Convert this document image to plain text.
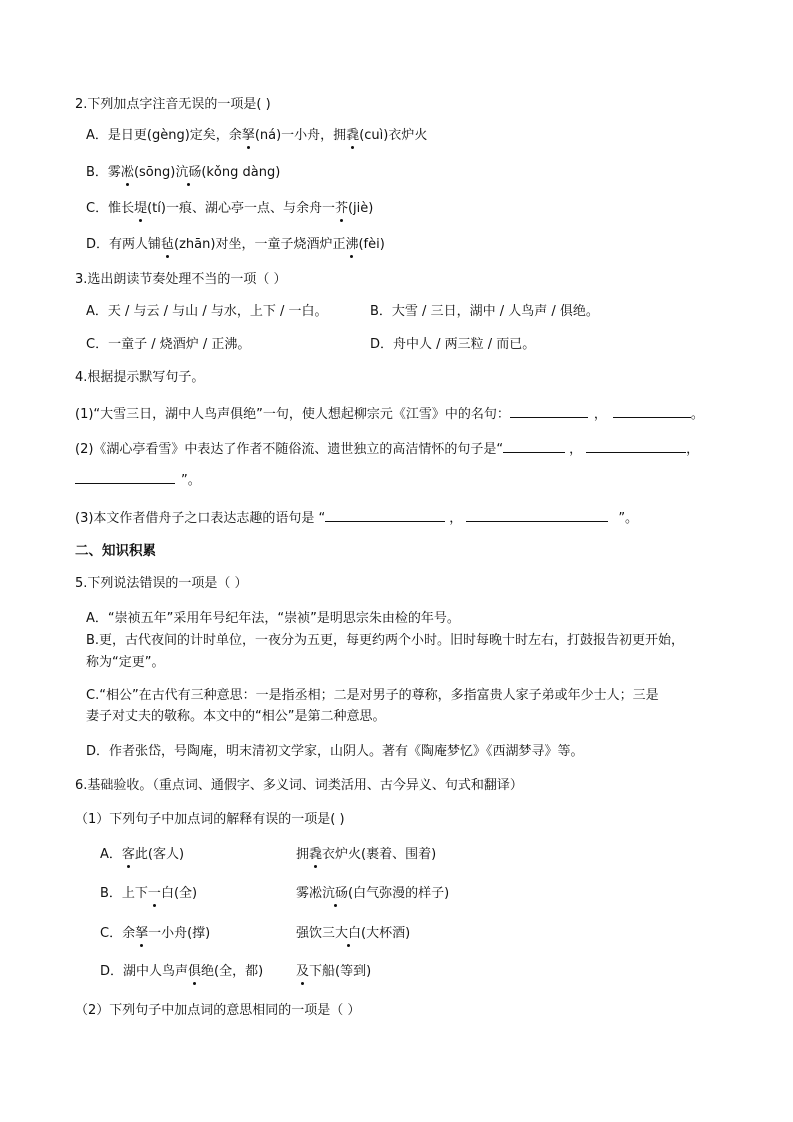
2.下列加点字注音无误的一项是( )
A．是日更(gèng)定矣，余拏(ná)一小舟，拥毳(cuì)衣炉火
B．雾凇(sōng)沆砀(kǒng dàng)
C．惟长堤(tí)一痕、湖心亭一点、与余舟一芥(jiè)
D．有两人铺毡(zhān)对坐，一童子烧酒炉正沸(fèi)
3.选出朗读节奏处理不当的一项（ ）
A．天 / 与云 / 与山 / 与水，上下 / 一白。	B．大雪 / 三日，湖中 / 人鸟声 / 俱绝。
C．一童子 / 烧酒炉 / 正沸。	D．舟中人 / 两三粒 / 而已。
4.根据提示默写句子。
(1)“大雪三日，湖中人鸟声俱绝”一句，使人想起柳宗元《江雪》中的名句：	，	。
(2)《湖心亭看雪》中表达了作者不随俗流、遗世独立的高洁情怀的句子是“	，	，
”。
(3)本文作者借舟子之口表达志趣的语句是 “	，	”。
二、知识积累
5.下列说法错误的一项是（ ）
A．“崇祯五年”采用年号纪年法，“崇祯”是明思宗朱由检的年号。
B.更，古代夜间的计时单位，一夜分为五更，每更约两个小时。旧时每晚十时左右，打鼓报告初更开始，
称为“定更”。
C.“相公”在古代有三种意思：一是指丞相；二是对男子的尊称，多指富贵人家子弟或年少士人；三是
妻子对丈夫的敬称。本文中的“相公”是第二种意思。
D．作者张岱，号陶庵，明末清初文学家，山阴人。著有《陶庵梦忆》《西湖梦寻》等。
6.基础验收。（重点词、通假字、多义词、词类活用、古今异义、句式和翻译）
（1）下列句子中加点词的解释有误的一项是( )
A．客此(客人)	拥毳衣炉火(裹着、围着)
B．上下一白(全)	雾凇沆砀(白气弥漫的样子)
C．余拏一小舟(撑)	强饮三大白(大杯酒)
D．湖中人鸟声俱绝(全，都)	及下船(等到)
（2）下列句子中加点词的意思相同的一项是（ ）
